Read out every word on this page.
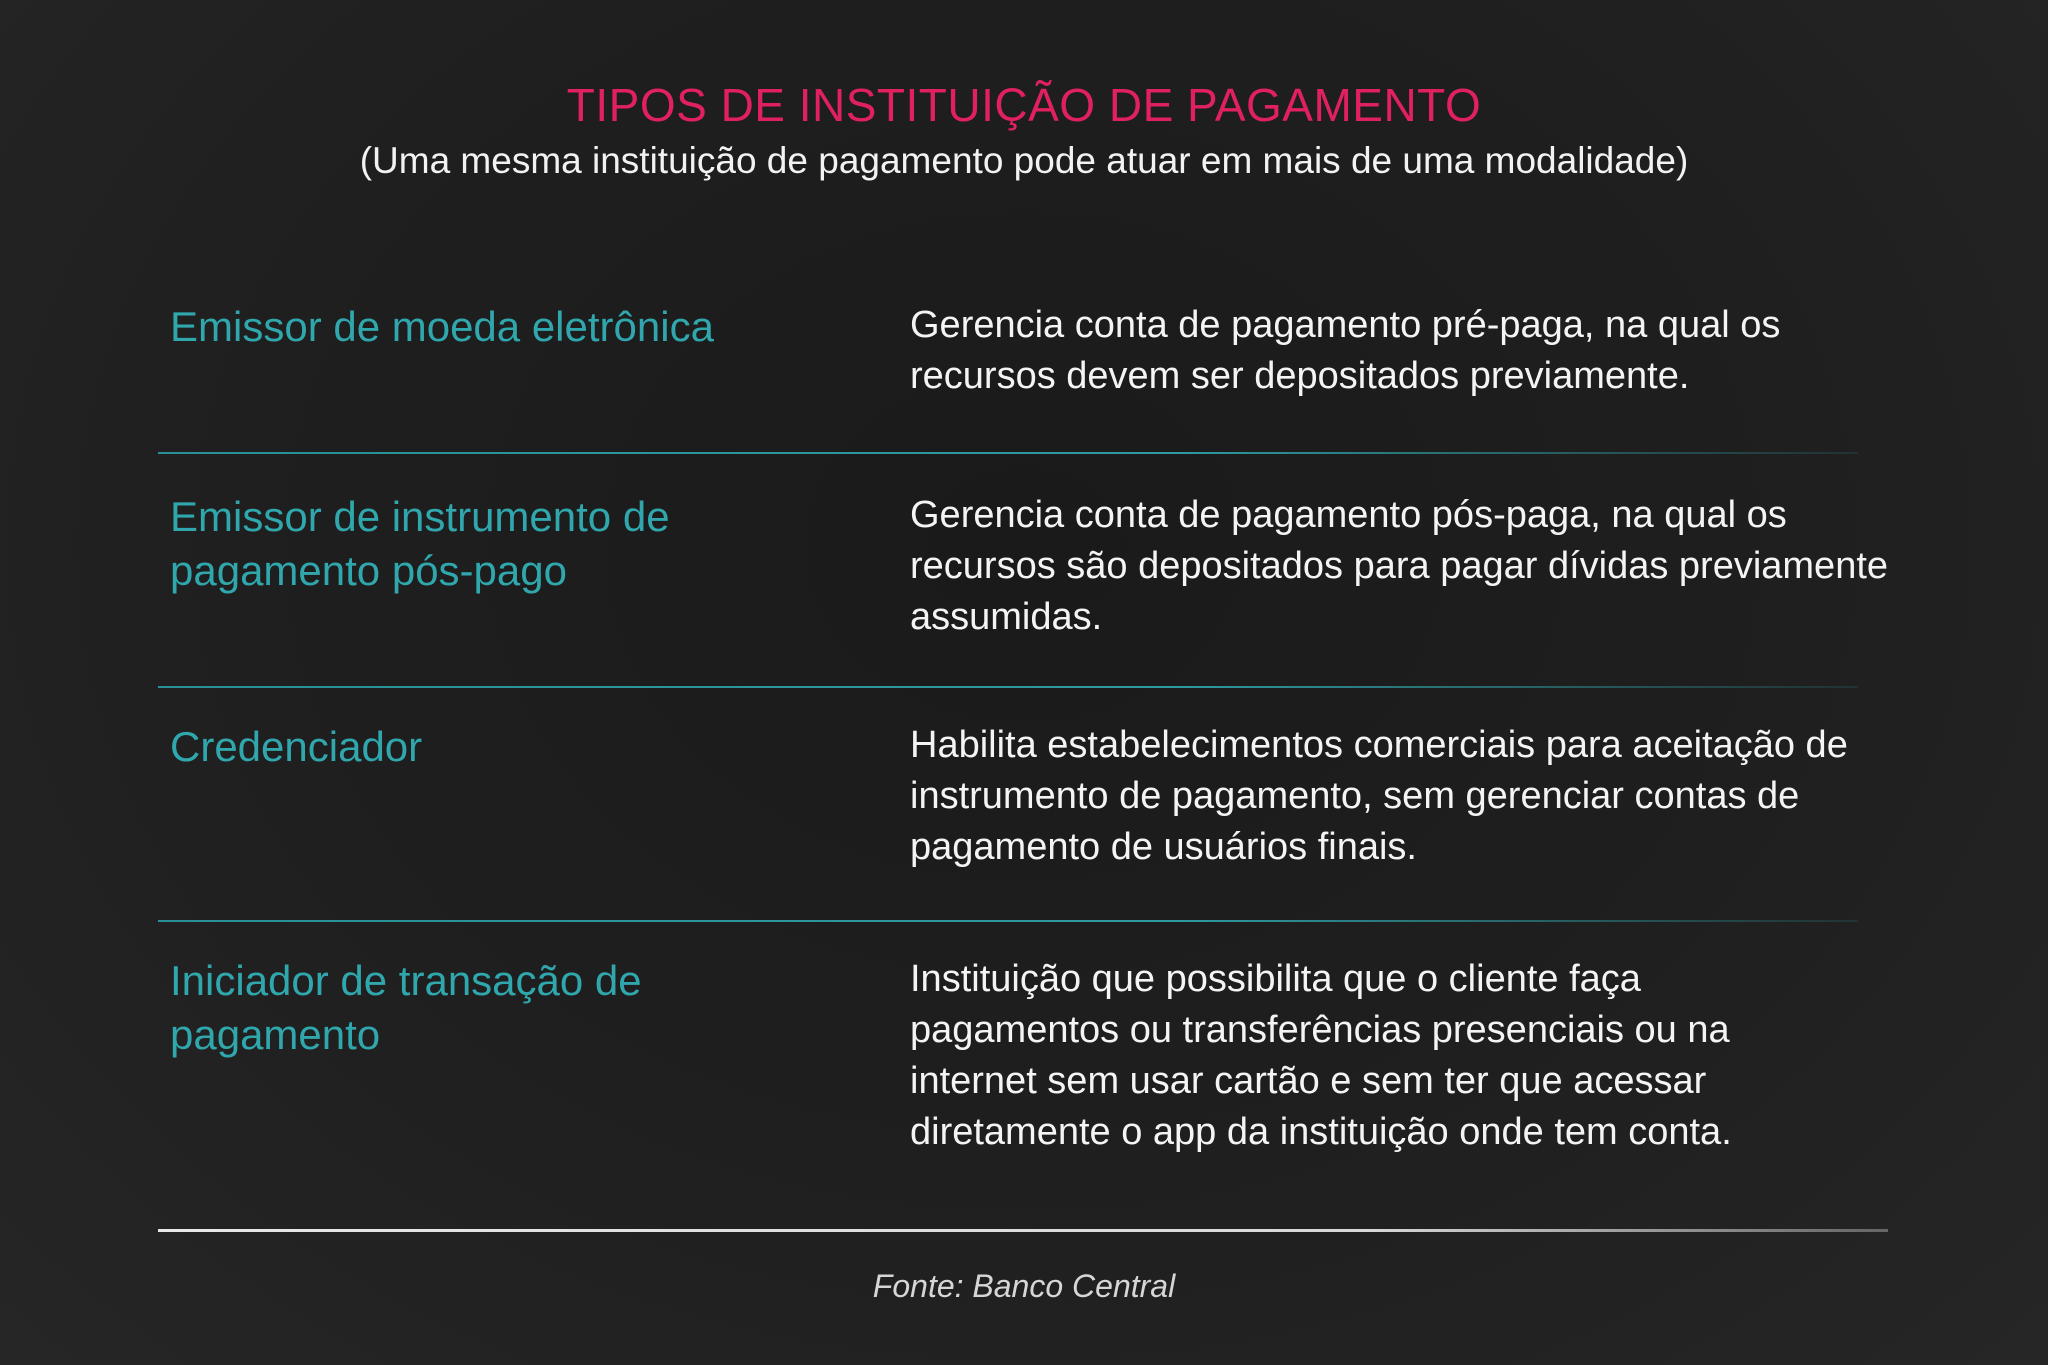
TIPOS DE INSTITUIÇÃO DE PAGAMENTO
(Uma mesma instituição de pagamento pode atuar em mais de uma modalidade)
Emissor de moeda eletrônica	Gerencia conta de pagamento pré-paga, na qual os recursos devem ser depositados previamente.
Emissor de instrumento de pagamento pós-pago
Gerencia conta de pagamento pós-paga, na qual os recursos são depositados para pagar dívidas previamente assumidas.
Credenciador	Habilita estabelecimentos comerciais para aceitação de instrumento de pagamento, sem gerenciar contas de pagamento de usuários finais.
Iniciador de transação de pagamento
Instituição que possibilita que o cliente faça pagamentos ou transferências presenciais ou na internet sem usar cartão e sem ter que acessar diretamente o app da instituição onde tem conta.
Fonte: Banco Central
